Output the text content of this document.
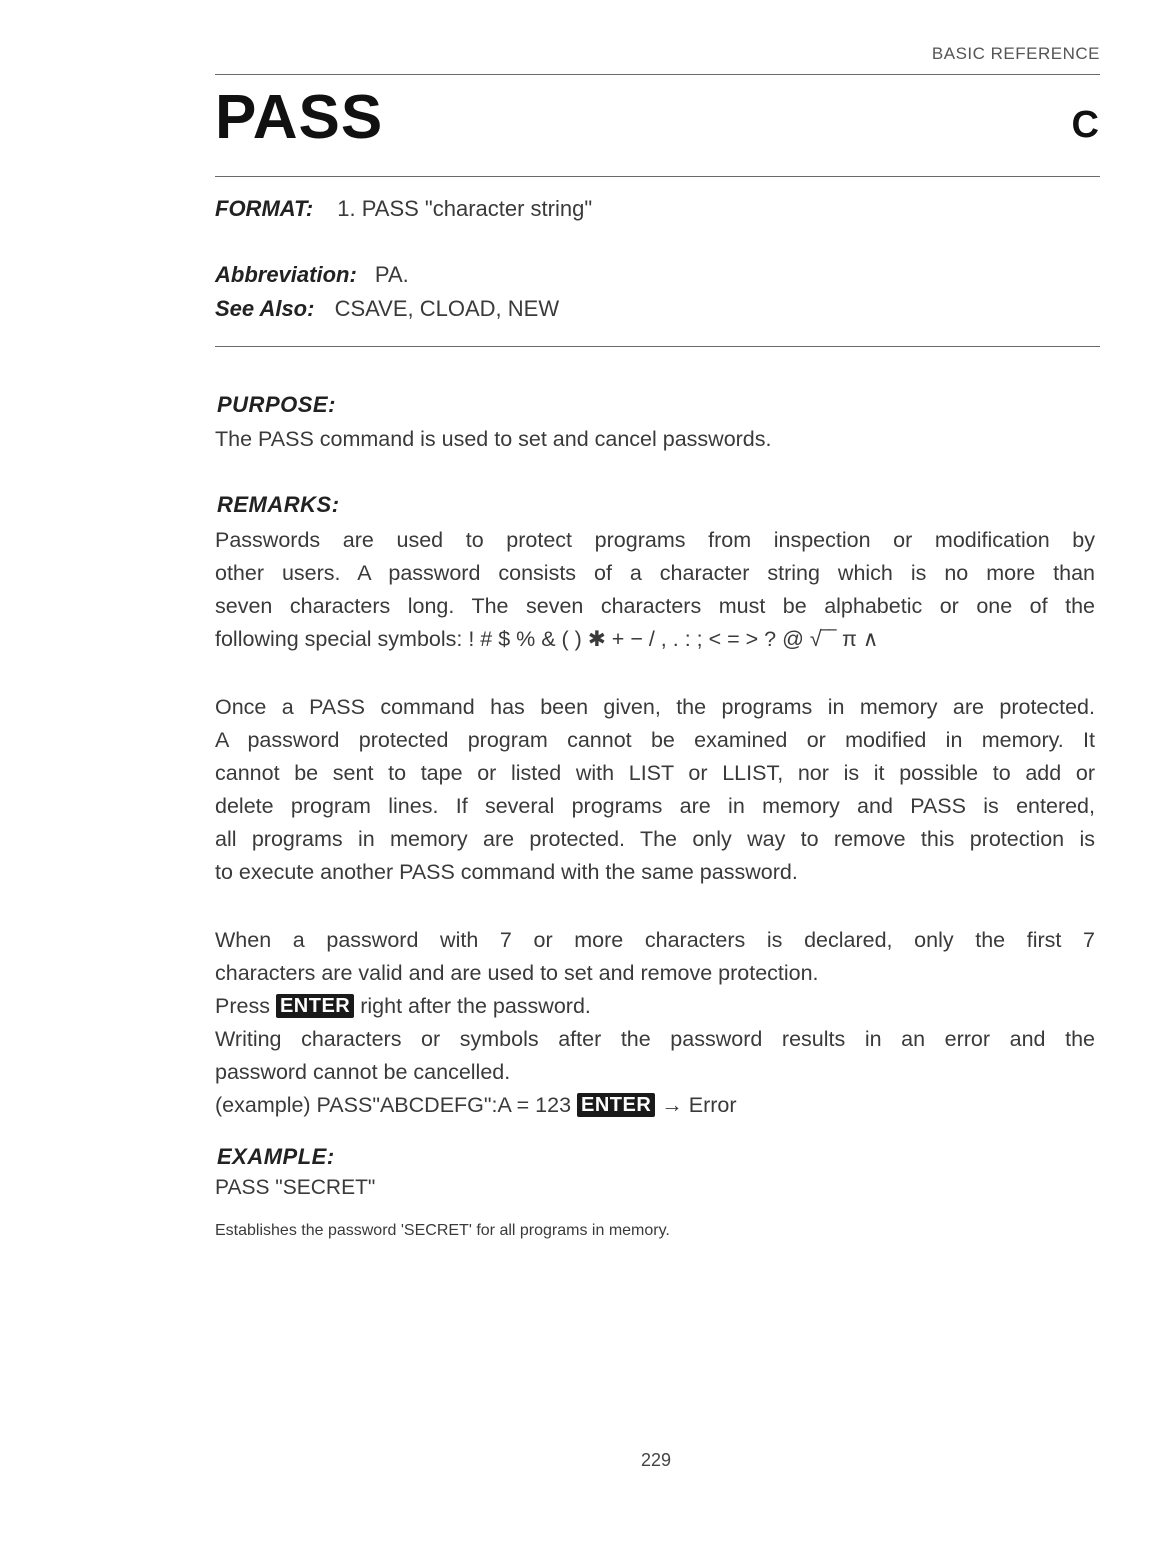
BASIC REFERENCE
PASS	C
FORMAT: 1. PASS "character string"
Abbreviation: PA.
See Also: CSAVE, CLOAD, NEW
PURPOSE:
The PASS command is used to set and cancel passwords.
REMARKS:
Passwords are used to protect programs from inspection or modification by
other users. A password consists of a character string which is no more than
seven characters long. The seven characters must be alphabetic or one of the
following special symbols: ! # $ % & ( ) ✱ + − / , . : ; < = > ? @ √‾‾ π ∧
Once a PASS command has been given, the programs in memory are protected.
A password protected program cannot be examined or modified in memory. It
cannot be sent to tape or listed with LIST or LLIST, nor is it possible to add or
delete program lines. If several programs are in memory and PASS is entered,
all programs in memory are protected. The only way to remove this protection is
to execute another PASS command with the same password.
When a password with 7 or more characters is declared, only the first 7
characters are valid and are used to set and remove protection.
Press ENTER right after the password.
Writing characters or symbols after the password results in an error and the
password cannot be cancelled.
(example) PASS"ABCDEFG":A = 123 ENTER → Error
EXAMPLE:
PASS "SECRET"
Establishes the password 'SECRET' for all programs in memory.
229
